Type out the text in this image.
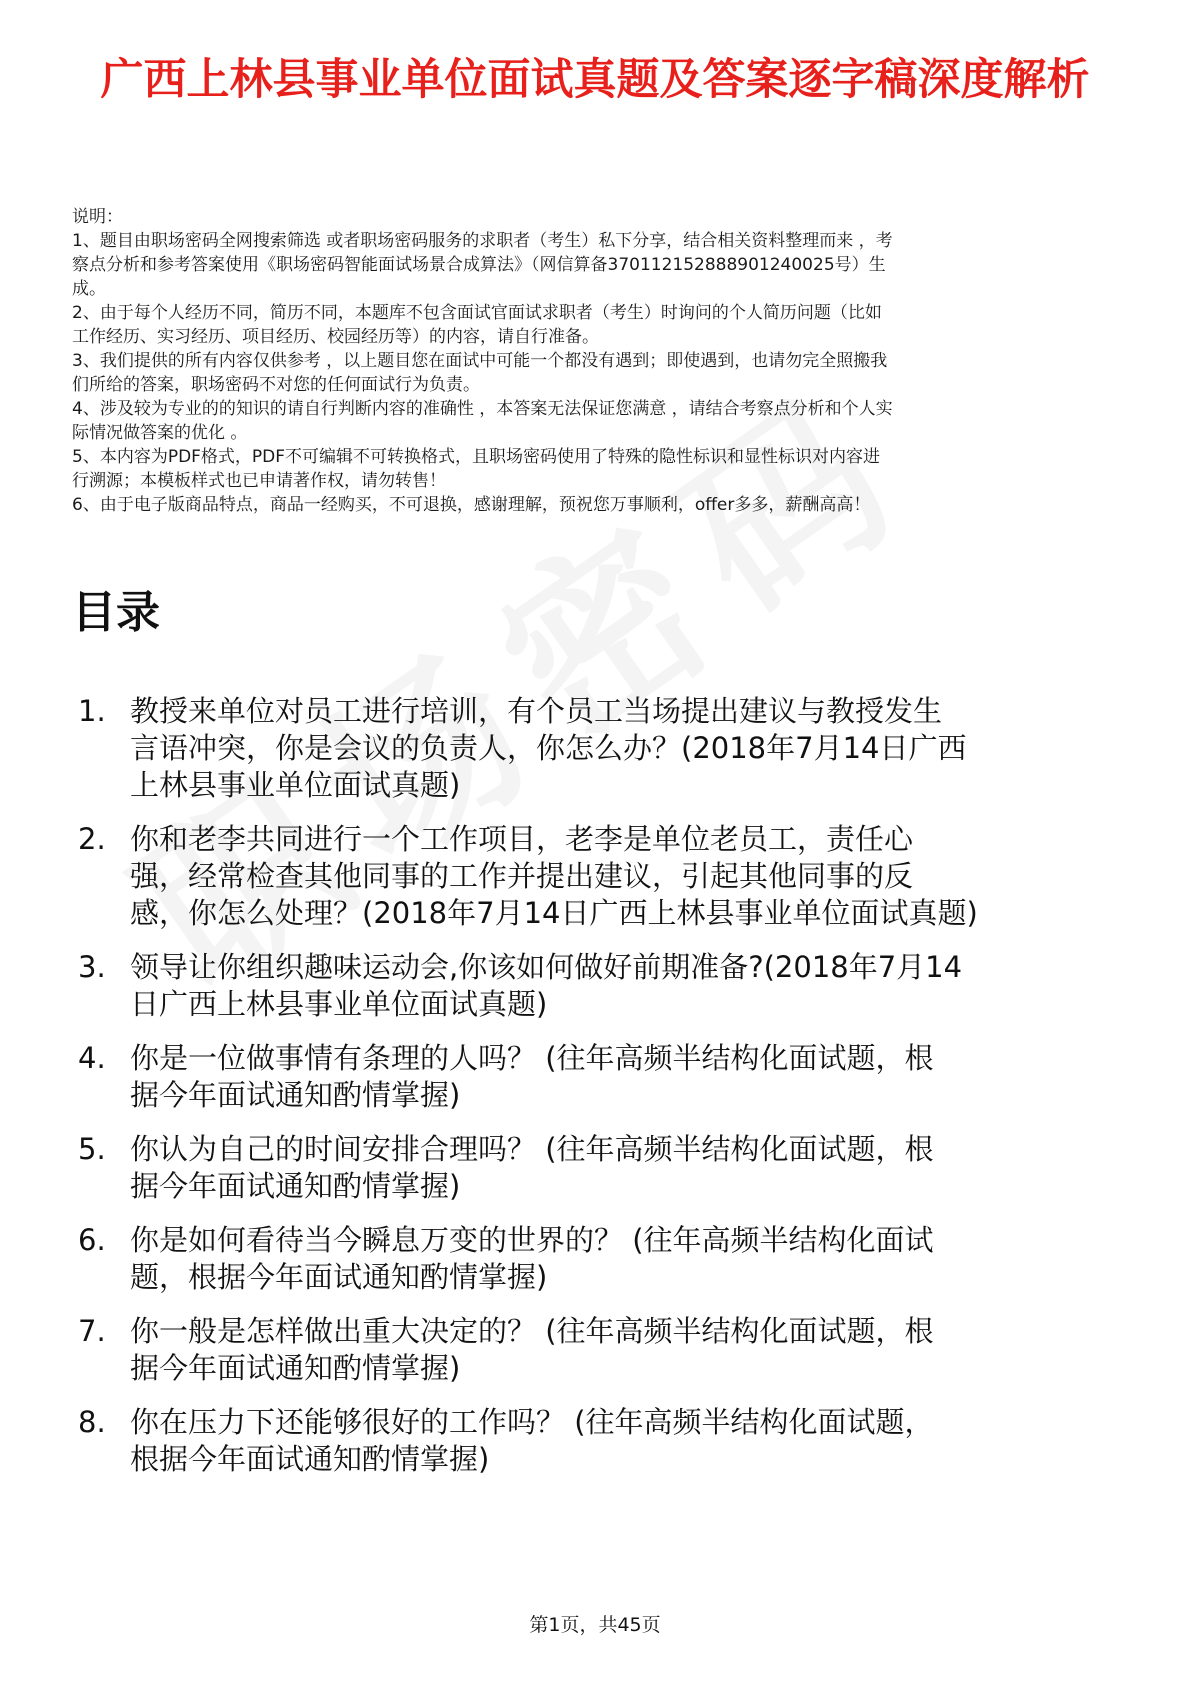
广西上林县事业单位面试真题及答案逐字稿深度解析
说明：
1、题目由职场密码全网搜索筛选 或者职场密码服务的求职者（考生）私下分享，结合相关资料整理而来 ，考
察点分析和参考答案使用《职场密码智能面试场景合成算法》（网信算备370112152888901240025号）生
成。
2、由于每个人经历不同，简历不同，本题库不包含面试官面试求职者（考生）时询问的个人简历问题（比如
工作经历、实习经历、项目经历、校园经历等）的内容，请自行准备。
3、我们提供的所有内容仅供参考 ，以上题目您在面试中可能一个都没有遇到；即使遇到，也请勿完全照搬我
们所给的答案，职场密码不对您的任何面试行为负责。
4、涉及较为专业的的知识的请自行判断内容的准确性 ，本答案无法保证您满意 ，请结合考察点分析和个人实
际情况做答案的优化 。
5、本内容为PDF格式，PDF不可编辑不可转换格式，且职场密码使用了特殊的隐性标识和显性标识对内容进
行溯源；本模板样式也已申请著作权，请勿转售！
6、由于电子版商品特点，商品一经购买，不可退换，感谢理解，预祝您万事顺利，offer多多，薪酬高高！
目录
1. 教授来单位对员工进行培训，有个员工当场提出建议与教授发生
言语冲突，你是会议的负责人，你怎么办？(2018年7月14日广西
上林县事业单位面试真题)
2. 你和老李共同进行一个工作项目，老李是单位老员工，责任心
强，经常检查其他同事的工作并提出建议，引起其他同事的反
感，你怎么处理？(2018年7月14日广西上林县事业单位面试真题)
3. 领导让你组织趣味运动会,你该如何做好前期准备?(2018年7月14
日广西上林县事业单位面试真题)
4. 你是一位做事情有条理的人吗？ (往年高频半结构化面试题，根
据今年面试通知酌情掌握)
5. 你认为自己的时间安排合理吗？ (往年高频半结构化面试题，根
据今年面试通知酌情掌握)
6. 你是如何看待当今瞬息万变的世界的？ (往年高频半结构化面试
题，根据今年面试通知酌情掌握)
7. 你一般是怎样做出重大决定的？ (往年高频半结构化面试题，根
据今年面试通知酌情掌握)
8. 你在压力下还能够很好的工作吗？ (往年高频半结构化面试题，
根据今年面试通知酌情掌握)
第1页，共45页
